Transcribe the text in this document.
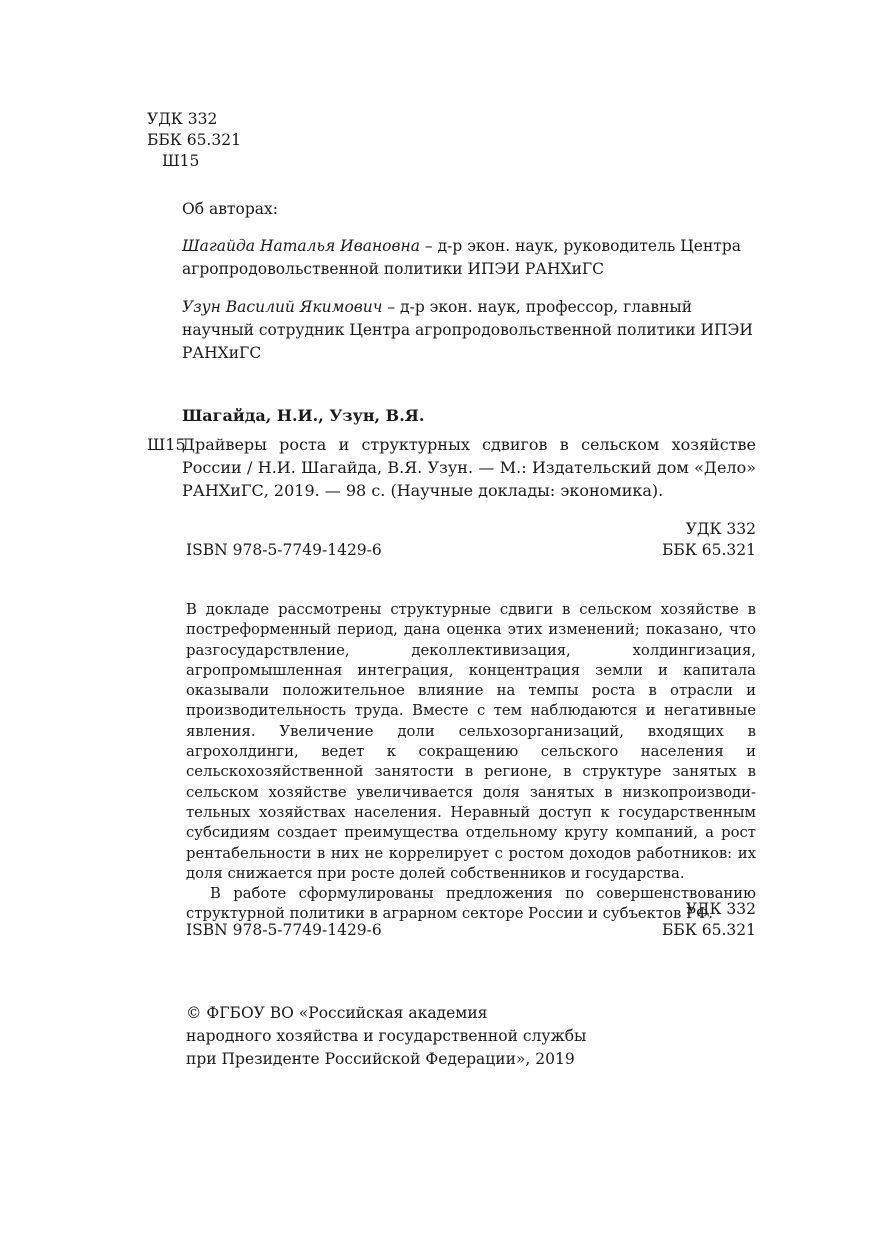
УДК 332
ББК 65.321
Ш15
Об авторах:
Шагайда Наталья Ивановна – д-р экон. наук, руководитель Центра агропродовольственной политики ИПЭИ РАНХиГС
Узун Василий Якимович – д-р экон. наук, профессор, главный научный сотрудник Центра агропродовольственной политики ИПЭИ РАНХиГС
Шагайда, Н.И., Узун, В.Я.
Ш15
Драйверы роста и структурных сдвигов в сельском хозяйстве России / Н.И. Шагайда, В.Я. Узун. — М.: Издательский дом «Дело» РАНХиГС, 2019. — 98 с. (Научные доклады: экономика).
УДК 332
ISBN 978-5-7749-1429-6	ББК 65.321

В докладе рассмотрены структурные сдвиги в сельском хозяйстве в постреформенный период, дана оценка этих изменений; показано, что разгосударствление, деколлективизация, холдингизация, агропромышленная интеграция, концентрация земли и капитала оказывали положительное влияние на темпы роста в отрасли и производительность труда. Вместе с тем наблюдаются и негативные явления. Увеличение доли сельхозорганизаций, входящих в агрохолдинги, ведет к сокращению сельского населения и сельскохозяйственной занятости в регионе, в структуре занятых в сельском хозяйстве увеличивается доля занятых в низкопроизводительных хозяйствах населения. Неравный доступ к государственным субсидиям создает преимущества отдельному кругу компаний, а рост рентабельности в них не коррелирует с ростом доходов работников: их доля снижается при росте долей собственников и государства.

В работе сформулированы предложения по совершенствованию структурной политики в аграрном секторе России и субъектов РФ.

УДК 332
ISBN 978-5-7749-1429-6	ББК 65.321
© ФГБОУ ВО «Российская академия
народного хозяйства и государственной службы
при Президенте Российской Федерации», 2019
